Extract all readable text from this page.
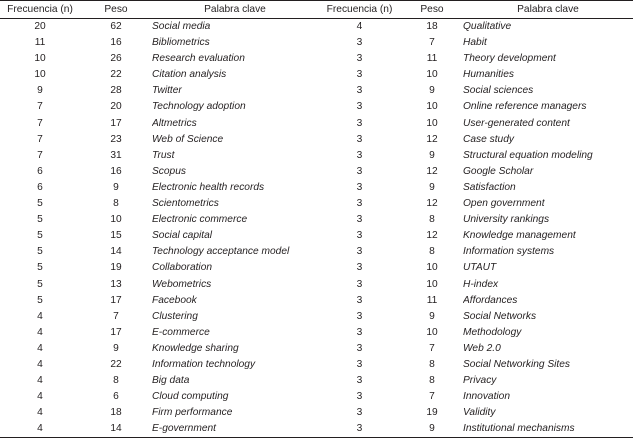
Frecuencia (n)	Peso	Palabra clave	Frecuencia (n)	Peso	Palabra clave
20	62	Social media	4	18	Qualitative
11	16	Bibliometrics	3	7	Habit
10	26	Research evaluation	3	11	Theory development
10	22	Citation analysis	3	10	Humanities
9	28	Twitter	3	9	Social sciences
7	20	Technology adoption	3	10	Online reference managers
7	17	Altmetrics	3	10	User-generated content
7	23	Web of Science	3	12	Case study
7	31	Trust	3	9	Structural equation modeling
6	16	Scopus	3	12	Google Scholar
6	9	Electronic health records	3	9	Satisfaction
5	8	Scientometrics	3	12	Open government
5	10	Electronic commerce	3	8	University rankings
5	15	Social capital	3	12	Knowledge management
5	14	Technology acceptance model	3	8	Information systems
5	19	Collaboration	3	10	UTAUT
5	13	Webometrics	3	10	H-index
5	17	Facebook	3	11	Affordances
4	7	Clustering	3	9	Social Networks
4	17	E-commerce	3	10	Methodology
4	9	Knowledge sharing	3	7	Web 2.0
4	22	Information technology	3	8	Social Networking Sites
4	8	Big data	3	8	Privacy
4	6	Cloud computing	3	7	Innovation
4	18	Firm performance	3	19	Validity
4	14	E-government	3	9	Institutional mechanisms
